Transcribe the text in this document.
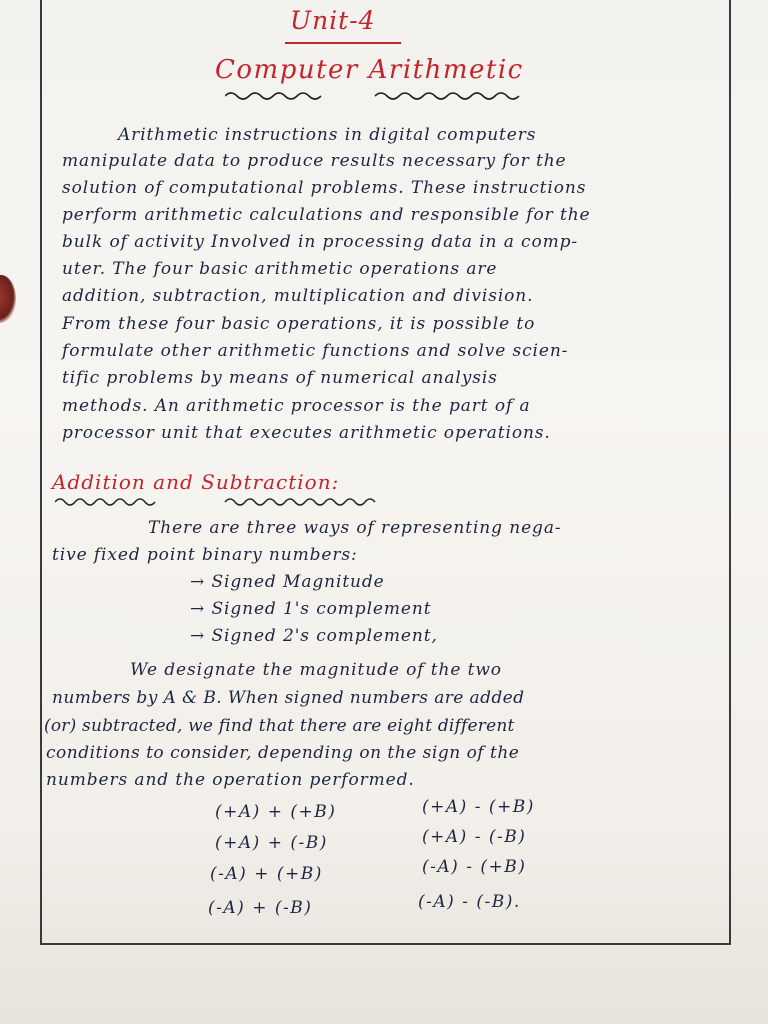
Unit-4
Computer Arithmetic
Arithmetic instructions in digital computers
manipulate data to produce results necessary for the
solution of computational problems. These instructions
perform arithmetic calculations and responsible for the
bulk of activity Involved in processing data in a comp-
uter. The four basic arithmetic operations are
addition, subtraction, multiplication and division.
From these four basic operations, it is possible to
formulate other arithmetic functions and solve scien-
tific problems by means of numerical analysis
methods. An arithmetic processor is the part of a
processor unit that executes arithmetic operations.
Addition and Subtraction:
There are three ways of representing nega-
tive fixed point binary numbers:
→ Signed Magnitude
→ Signed 1's complement
→ Signed 2's complement,
We designate the magnitude of the two
numbers by A & B. When signed numbers are added
(or) subtracted, we find that there are eight different
conditions to consider, depending on the sign of the
numbers and the operation performed.
(+A) + (+B)
(+A) + (-B)
(-A) + (+B)
(-A) + (-B)
(+A) - (+B)
(+A) - (-B)
(-A) - (+B)
(-A) - (-B).
